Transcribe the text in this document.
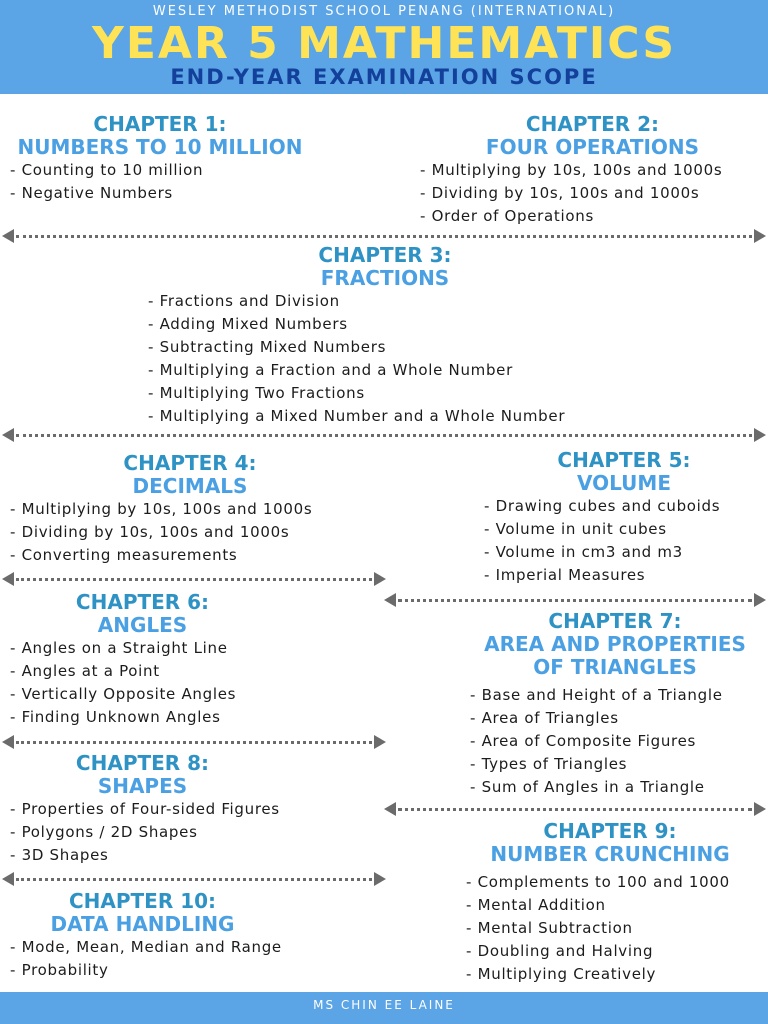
WESLEY METHODIST SCHOOL PENANG (INTERNATIONAL)
YEAR 5 MATHEMATICS
END-YEAR EXAMINATION SCOPE

CHAPTER 1:

NUMBERS TO 10 MILLION

- Counting to 10 million
- Negative Numbers

CHAPTER 2:

FOUR OPERATIONS

- Multiplying by 10s, 100s and 1000s
- Dividing by 10s, 100s and 1000s
- Order of Operations

CHAPTER 3:

FRACTIONS

- Fractions and Division
- Adding Mixed Numbers
- Subtracting Mixed Numbers
- Multiplying a Fraction and a Whole Number
- Multiplying Two Fractions
- Multiplying a Mixed Number and a Whole Number

CHAPTER 4:

DECIMALS

- Multiplying by 10s, 100s and 1000s
- Dividing by 10s, 100s and 1000s
- Converting measurements

CHAPTER 5:

VOLUME

- Drawing cubes and cuboids
- Volume in unit cubes
- Volume in cm3 and m3
- Imperial Measures

CHAPTER 6:

ANGLES

- Angles on a Straight Line
- Angles at a Point
- Vertically Opposite Angles
- Finding Unknown Angles

CHAPTER 7:

AREA AND PROPERTIES

OF TRIANGLES

- Base and Height of a Triangle
- Area of Triangles
- Area of Composite Figures
- Types of Triangles
- Sum of Angles in a Triangle

CHAPTER 8:

SHAPES

- Properties of Four-sided Figures
- Polygons / 2D Shapes
- 3D Shapes

CHAPTER 9:

NUMBER CRUNCHING

- Complements to 100 and 1000
- Mental Addition
- Mental Subtraction
- Doubling and Halving
- Multiplying Creatively

CHAPTER 10:

DATA HANDLING

- Mode, Mean, Median and Range
- Probability
MS CHIN EE LAINE
